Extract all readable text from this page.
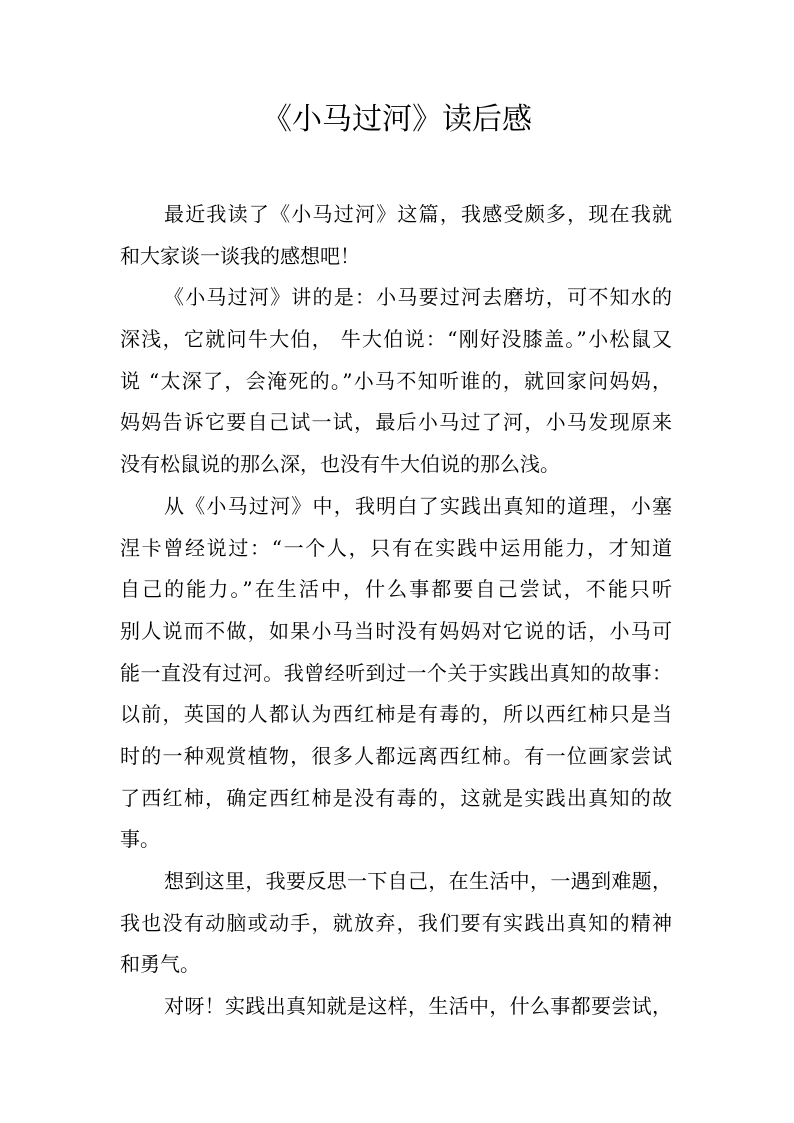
《小马过河》读后感
最近我读了《小马过河》这篇，我感受颇多，现在我就
和大家谈一谈我的感想吧！
《小马过河》讲的是：小马要过河去磨坊，可不知水的
深浅，它就问牛大伯， 牛大伯说：“刚好没膝盖。”小松鼠又
说 “太深了，会淹死的。”小马不知听谁的，就回家问妈妈，
妈妈告诉它要自己试一试，最后小马过了河，小马发现原来
没有松鼠说的那么深，也没有牛大伯说的那么浅。
从《小马过河》中，我明白了实践出真知的道理，小塞
涅卡曾经说过：“一个人，只有在实践中运用能力，才知道
自己的能力。”在生活中，什么事都要自己尝试，不能只听
别人说而不做，如果小马当时没有妈妈对它说的话，小马可
能一直没有过河。我曾经听到过一个关于实践出真知的故事：
以前，英国的人都认为西红柿是有毒的，所以西红柿只是当
时的一种观赏植物，很多人都远离西红柿。有一位画家尝试
了西红柿，确定西红柿是没有毒的，这就是实践出真知的故
事。
想到这里，我要反思一下自己，在生活中，一遇到难题，
我也没有动脑或动手，就放弃，我们要有实践出真知的精神
和勇气。
对呀！实践出真知就是这样，生活中，什么事都要尝试，
